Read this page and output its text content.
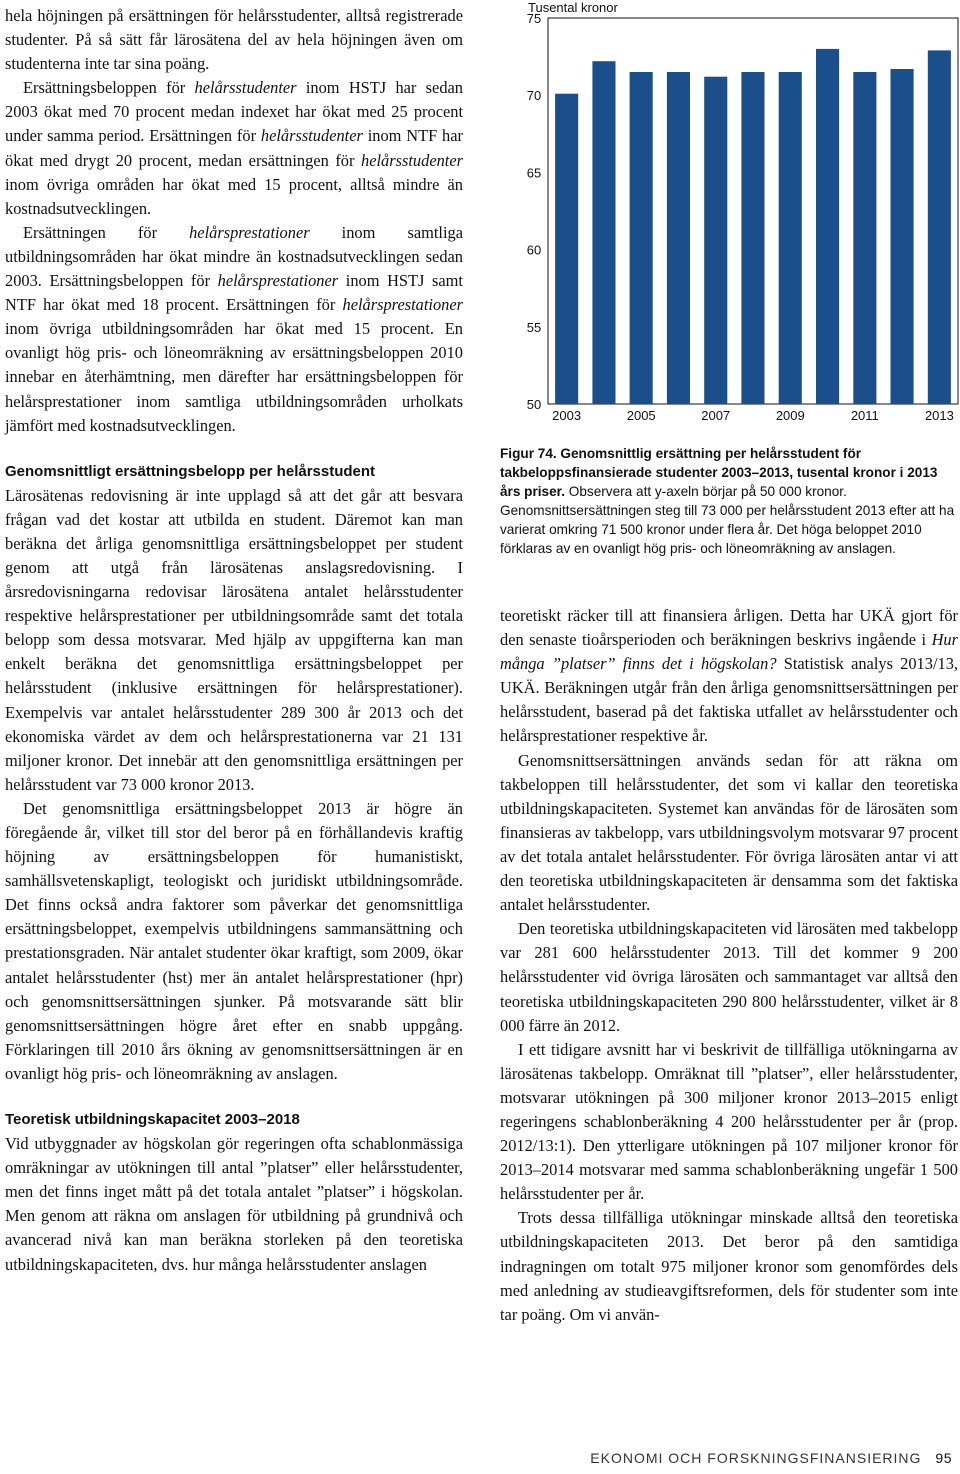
hela höjningen på ersättningen för helårsstudenter, alltså registrerade studenter. På så sätt får lärosätena del av hela höjningen även om studenterna inte tar sina poäng.

Ersättningsbeloppen för helårsstudenter inom HSTJ har sedan 2003 ökat med 70 procent medan indexet har ökat med 25 procent under samma period. Ersättningen för helårsstudenter inom NTF har ökat med drygt 20 procent, medan ersättningen för helårsstudenter inom övriga områden har ökat med 15 procent, alltså mindre än kostnadsutvecklingen.

Ersättningen för helårsprestationer inom samtliga utbildningsområden har ökat mindre än kostnadsutvecklingen sedan 2003. Ersättningsbeloppen för helårsprestationer inom HSTJ samt NTF har ökat med 18 procent. Ersättningen för helårsprestationer inom övriga utbildningsområden har ökat med 15 procent. En ovanligt hög pris- och löneomräkning av ersättningsbeloppen 2010 innebar en återhämtning, men därefter har ersättningsbeloppen för helårsprestationer inom samtliga utbildningsområden urholkats jämfört med kostnadsutvecklingen.

Genomsnittligt ersättningsbelopp per helårsstudent

Lärosätenas redovisning är inte upplagd så att det går att besvara frågan vad det kostar att utbilda en student. Däremot kan man beräkna det årliga genomsnittliga ersättningsbeloppet per student genom att utgå från lärosätenas anslagsredovisning. I årsredovisningarna redovisar lärosätena antalet helårsstudenter respektive helårsprestationer per utbildningsområde samt det totala belopp som dessa motsvarar. Med hjälp av uppgifterna kan man enkelt beräkna det genomsnittliga ersättningsbeloppet per helårsstudent (inklusive ersättningen för helårsprestationer). Exempelvis var antalet helårsstudenter 289 300 år 2013 och det ekonomiska värdet av dem och helårsprestationerna var 21 131 miljoner kronor. Det innebär att den genomsnittliga ersättningen per helårsstudent var 73 000 kronor 2013.

Det genomsnittliga ersättningsbeloppet 2013 är högre än föregående år, vilket till stor del beror på en förhållandevis kraftig höjning av ersättningsbeloppen för humanistiskt, samhällsvetenskapligt, teologiskt och juridiskt utbildningsområde. Det finns också andra faktorer som påverkar det genomsnittliga ersättningsbeloppet, exempelvis utbildningens sammansättning och prestationsgraden. När antalet studenter ökar kraftigt, som 2009, ökar antalet helårsstudenter (hst) mer än antalet helårsprestationer (hpr) och genomsnittsersättningen sjunker. På motsvarande sätt blir genomsnittsersättningen högre året efter en snabb uppgång. Förklaringen till 2010 års ökning av genomsnittsersättningen är en ovanligt hög pris- och löneomräkning av anslagen.

Teoretisk utbildningskapacitet 2003–2018

Vid utbyggnader av högskolan gör regeringen ofta schablonmässiga omräkningar av utökningen till antal ”platser” eller helårsstudenter, men det finns inget mått på det totala antalet ”platser” i högskolan. Men genom att räkna om anslagen för utbildning på grundnivå och avancerad nivå kan man beräkna storleken på den teoretiska utbildningskapaciteten, dvs. hur många helårsstudenter anslagen

Tusental kronor
50
55
60
65
70
75
2003	2005	2007	2009	2011	2013
Figur 74. Genomsnittlig ersättning per helårsstudent för takbeloppsfinansierade studenter 2003–2013, tusental kronor i 2013 års priser. Observera att y-axeln börjar på 50 000 kronor. Genomsnittsersättningen steg till 73 000 per helårsstudent 2013 efter att ha varierat omkring 71 500 kronor under flera år. Det höga beloppet 2010 förklaras av en ovanligt hög pris- och löneomräkning av anslagen.

teoretiskt räcker till att finansiera årligen. Detta har UKÄ gjort för den senaste tioårsperioden och beräkningen beskrivs ingående i Hur många ”platser” finns det i högskolan? Statistisk analys 2013/13, UKÄ. Beräkningen utgår från den årliga genomsnittsersättningen per helårsstudent, baserad på det faktiska utfallet av helårsstudenter och helårsprestationer respektive år.

Genomsnittsersättningen används sedan för att räkna om takbeloppen till helårsstudenter, det som vi kallar den teoretiska utbildningskapaciteten. Systemet kan användas för de lärosäten som finansieras av takbelopp, vars utbildningsvolym motsvarar 97 procent av det totala antalet helårsstudenter. För övriga lärosäten antar vi att den teoretiska utbildningskapaciteten är densamma som det faktiska antalet helårsstudenter.

Den teoretiska utbildningskapaciteten vid lärosäten med takbelopp var 281 600 helårsstudenter 2013. Till det kommer 9 200 helårsstudenter vid övriga lärosäten och sammantaget var alltså den teoretiska utbildningskapaciteten 290 800 helårsstudenter, vilket är 8 000 färre än 2012.

I ett tidigare avsnitt har vi beskrivit de tillfälliga utökningarna av lärosätenas takbelopp. Omräknat till ”platser”, eller helårsstudenter, motsvarar utökningen på 300 miljoner kronor 2013–2015 enligt regeringens schablonberäkning 4 200 helårsstudenter per år (prop. 2012/13:1). Den ytterligare utökningen på 107 miljoner kronor för 2013–2014 motsvarar med samma schablonberäkning ungefär 1 500 helårsstudenter per år.

Trots dessa tillfälliga utökningar minskade alltså den teoretiska utbildningskapaciteten 2013. Det beror på den samtidiga indragningen om totalt 975 miljoner kronor som genomfördes dels med anledning av studieavgiftsreformen, dels för studenter som inte tar poäng. Om vi använ-

EKONOMI OCH FORSKNINGSFINANSIERING 95
